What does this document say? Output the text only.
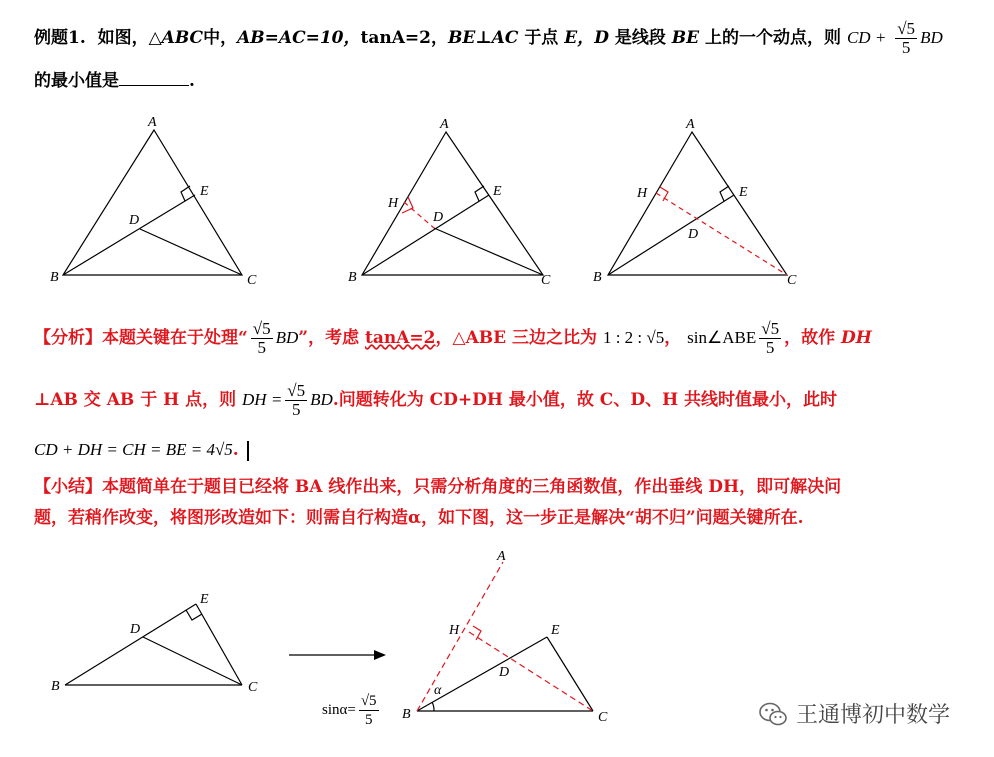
例题1. 如图，△ABC中，AB=AC=10，tanA=2，BE⊥AC 于点 E，D 是线段 BE 上的一个动点，则 CD + $\frac{√5}{5}$ BD
的最小值是	.
A
B	C
D
E
A
B	C
D
E
H
A
B	C
D
E
H
【分析】本题关键在于处理“ $\frac{√5}{5}$ BD”，考虑 tanA=2，△ABE 三边之比为 1 : 2 : √5， sin∠ABE $\frac{√5}{5}$ ，故作 DH
⊥AB 交 AB 于 H 点，则 DH = $\frac{√5}{5}$ BD.问题转化为 CD+DH 最小值，故 C、D、H 共线时值最小，此时
CD + DH = CH = BE = 4√5.
【小结】本题简单在于题目已经将 BA 线作出来，只需分析角度的三角函数值，作出垂线 DH，即可解决问
题，若稍作改变，将图形改造如下：则需自行构造α，如下图，这一步正是解决“胡不归”问题关键所在.
B	C
D
E
A
B	C
D
E
H
α
$\sin\alpha= \frac{√5}{5}$	王通博初中数学
